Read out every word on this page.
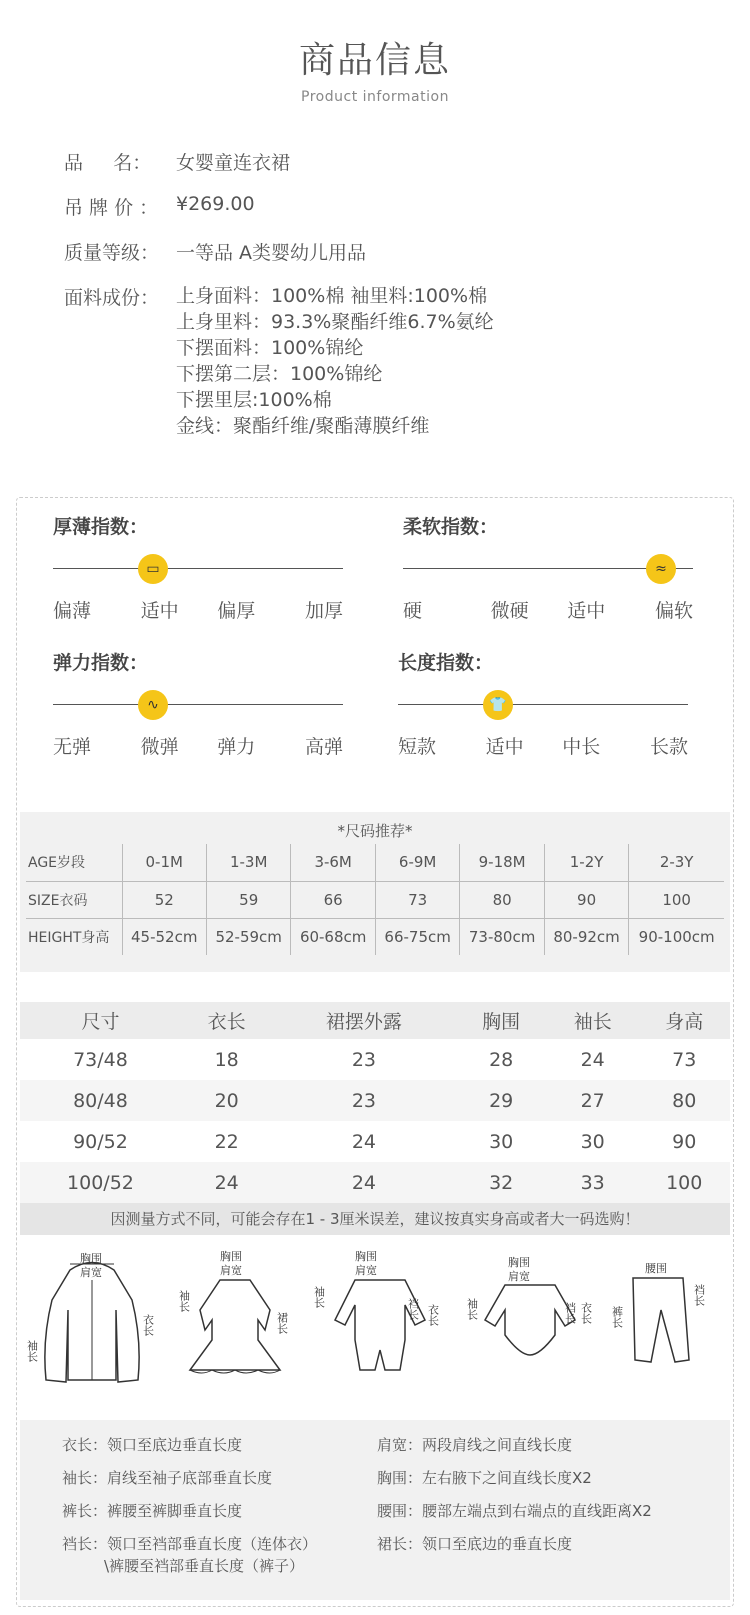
商品信息
Product information
品     名：	女婴童连衣裙
吊 牌 价 ： ¥269.00
质量等级： 一等品 A类婴幼儿用品
面料成份： 上身面料：100%棉 袖里料:100%棉
上身里料：93.3%聚酯纤维6.7%氨纶
下摆面料：100%锦纶
下摆第二层：100%锦纶
下摆里层:100%棉
金线：聚酯纤维/聚酯薄膜纤维
厚薄指数：
▭
偏薄	适中	偏厚	加厚
柔软指数：
≈
硬	微硬	适中	偏软
弹力指数：
∿
无弹	微弹	弹力	高弹
长度指数：
👕
短款	适中	中长	长款
*尺码推荐*
AGE岁段	0-1M	1-3M	3-6M	6-9M	9-18M	1-2Y	2-3Y
SIZE衣码	52	59	66	73	80	90	100
HEIGHT身高	45-52cm	52-59cm	60-68cm	66-75cm	73-80cm	80-92cm	90-100cm
尺寸	衣长	裙摆外露	胸围	袖长	身高
73/48	18	23	28	24	73
80/48	20	23	29	27	80
90/52	22	24	30	30	90
100/52	24	24	32	33	100
因测量方式不同，可能会存在1 - 3厘米误差，建议按真实身高或者大一码选购！
胸围
肩宽
衣长
袖长
胸围
肩宽
裙长
袖长
胸围
肩宽
裆长 衣长
袖长
胸围
肩宽
裆长 衣长
袖长
腰围
裆长
裤长
衣长：领口至底边垂直长度
袖长：肩线至袖子底部垂直长度
裤长：裤腰至裤脚垂直长度
裆长：领口至裆部垂直长度（连体衣）
\裤腰至裆部垂直长度（裤子）
肩宽：两段肩线之间直线长度
胸围：左右腋下之间直线长度X2
腰围：腰部左端点到右端点的直线距离X2
裙长：领口至底边的垂直长度
